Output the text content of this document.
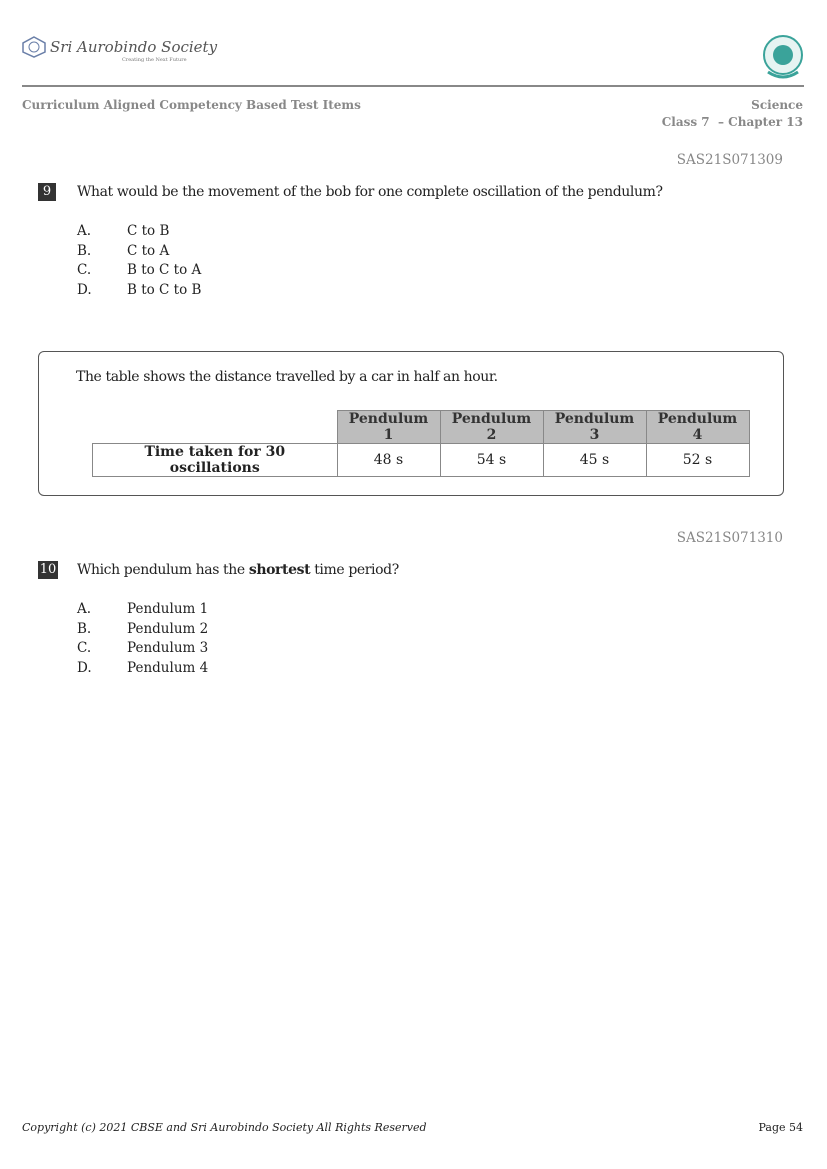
Sri Aurobindo Society
Creating the Next Future
Curriculum Aligned Competency Based Test Items	Science
Class 7  – Chapter 13
SAS21S071309
9	What would be the movement of the bob for one complete oscillation of the pendulum?
A.	C to B
B.	C to A
C.	B to C to A
D.	B to C to B
The table shows the distance travelled by a car in half an hour.
	Pendulum 1	Pendulum 2	Pendulum 3	Pendulum 4
Time taken for 30 oscillations	48 s	54 s	45 s	52 s
SAS21S071310
10 Which pendulum has the shortest time period?
A.	Pendulum 1
B.	Pendulum 2
C.	Pendulum 3
D.	Pendulum 4
Copyright (c) 2021 CBSE and Sri Aurobindo Society All Rights Reserved	Page 54
